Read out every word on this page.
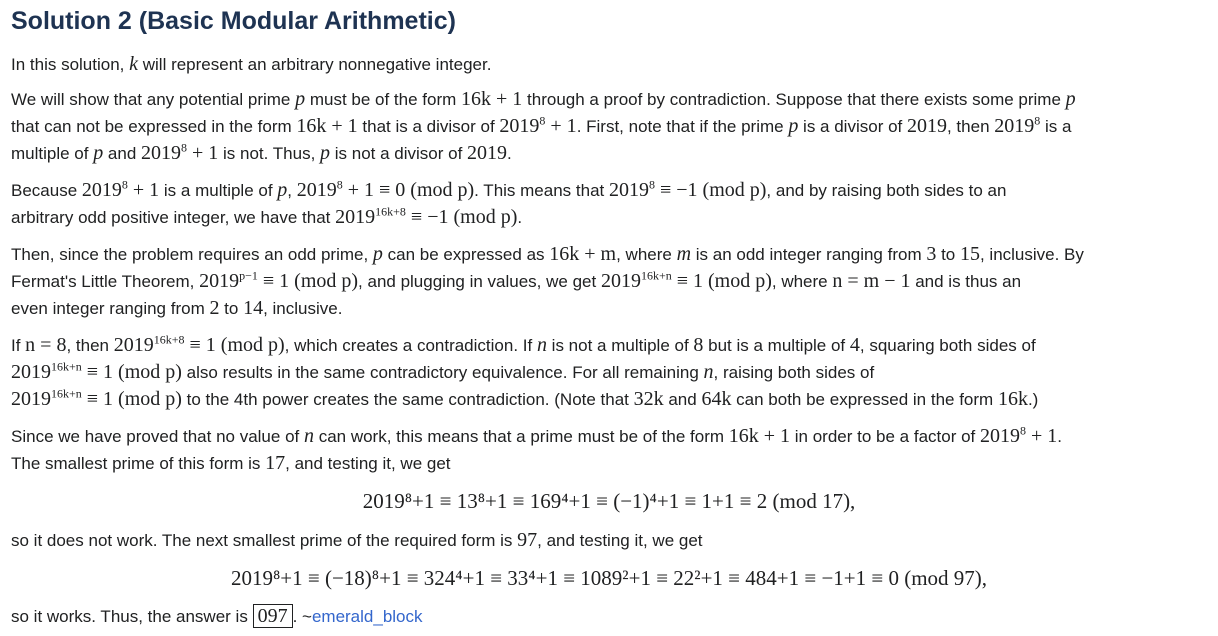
Solution 2 (Basic Modular Arithmetic)

In this solution, k will represent an arbitrary nonnegative integer.

We will show that any potential prime p must be of the form 16k + 1 through a proof by contradiction. Suppose that there exists some prime p
that can not be expressed in the form 16k + 1 that is a divisor of $2019^8 + 1$. First, note that if the prime p is a divisor of 2019, then 2019$^8$ is a
multiple of p and $2019^8 + 1$ is not. Thus, p is not a divisor of 2019.

Because $2019^8 + 1$ is a multiple of p, $2019^8 + 1 \equiv 0$ (mod p). This means that $2019^8 \equiv -1$ (mod p), and by raising both sides to an
arbitrary odd positive integer, we have that $2019^{16k+8} \equiv -1$ (mod p).

Then, since the problem requires an odd prime, p can be expressed as 16k + m, where m is an odd integer ranging from 3 to 15, inclusive. By
Fermat's Little Theorem, $2019^{p-1} \equiv 1$ (mod p), and plugging in values, we get $2019^{16k+n} \equiv 1$ (mod p), where n = m − 1 and is thus an
even integer ranging from 2 to 14, inclusive.

If n = 8, then $2019^{16k+8} \equiv 1$ (mod p), which creates a contradiction. If n is not a multiple of 8 but is a multiple of 4, squaring both sides of
$2019^{16k+n} \equiv 1$ (mod p) also results in the same contradictory equivalence. For all remaining n, raising both sides of
$2019^{16k+n} \equiv 1$ (mod p) to the 4th power creates the same contradiction. (Note that 32k and 64k can both be expressed in the form 16k.)

Since we have proved that no value of n can work, this means that a prime must be of the form 16k + 1 in order to be a factor of $2019^8 + 1$.
The smallest prime of this form is 17, and testing it, we get

2019⁸+1 ≡ 13⁸+1 ≡ 169⁴+1 ≡ (−1)⁴+1 ≡ 1+1 ≡ 2 (mod 17),

so it does not work. The next smallest prime of the required form is 97, and testing it, we get

2019⁸+1 ≡ (−18)⁸+1 ≡ 324⁴+1 ≡ 33⁴+1 ≡ 1089²+1 ≡ 22²+1 ≡ 484+1 ≡ −1+1 ≡ 0 (mod 97),

so it works. Thus, the answer is 097 . ~emerald_block
